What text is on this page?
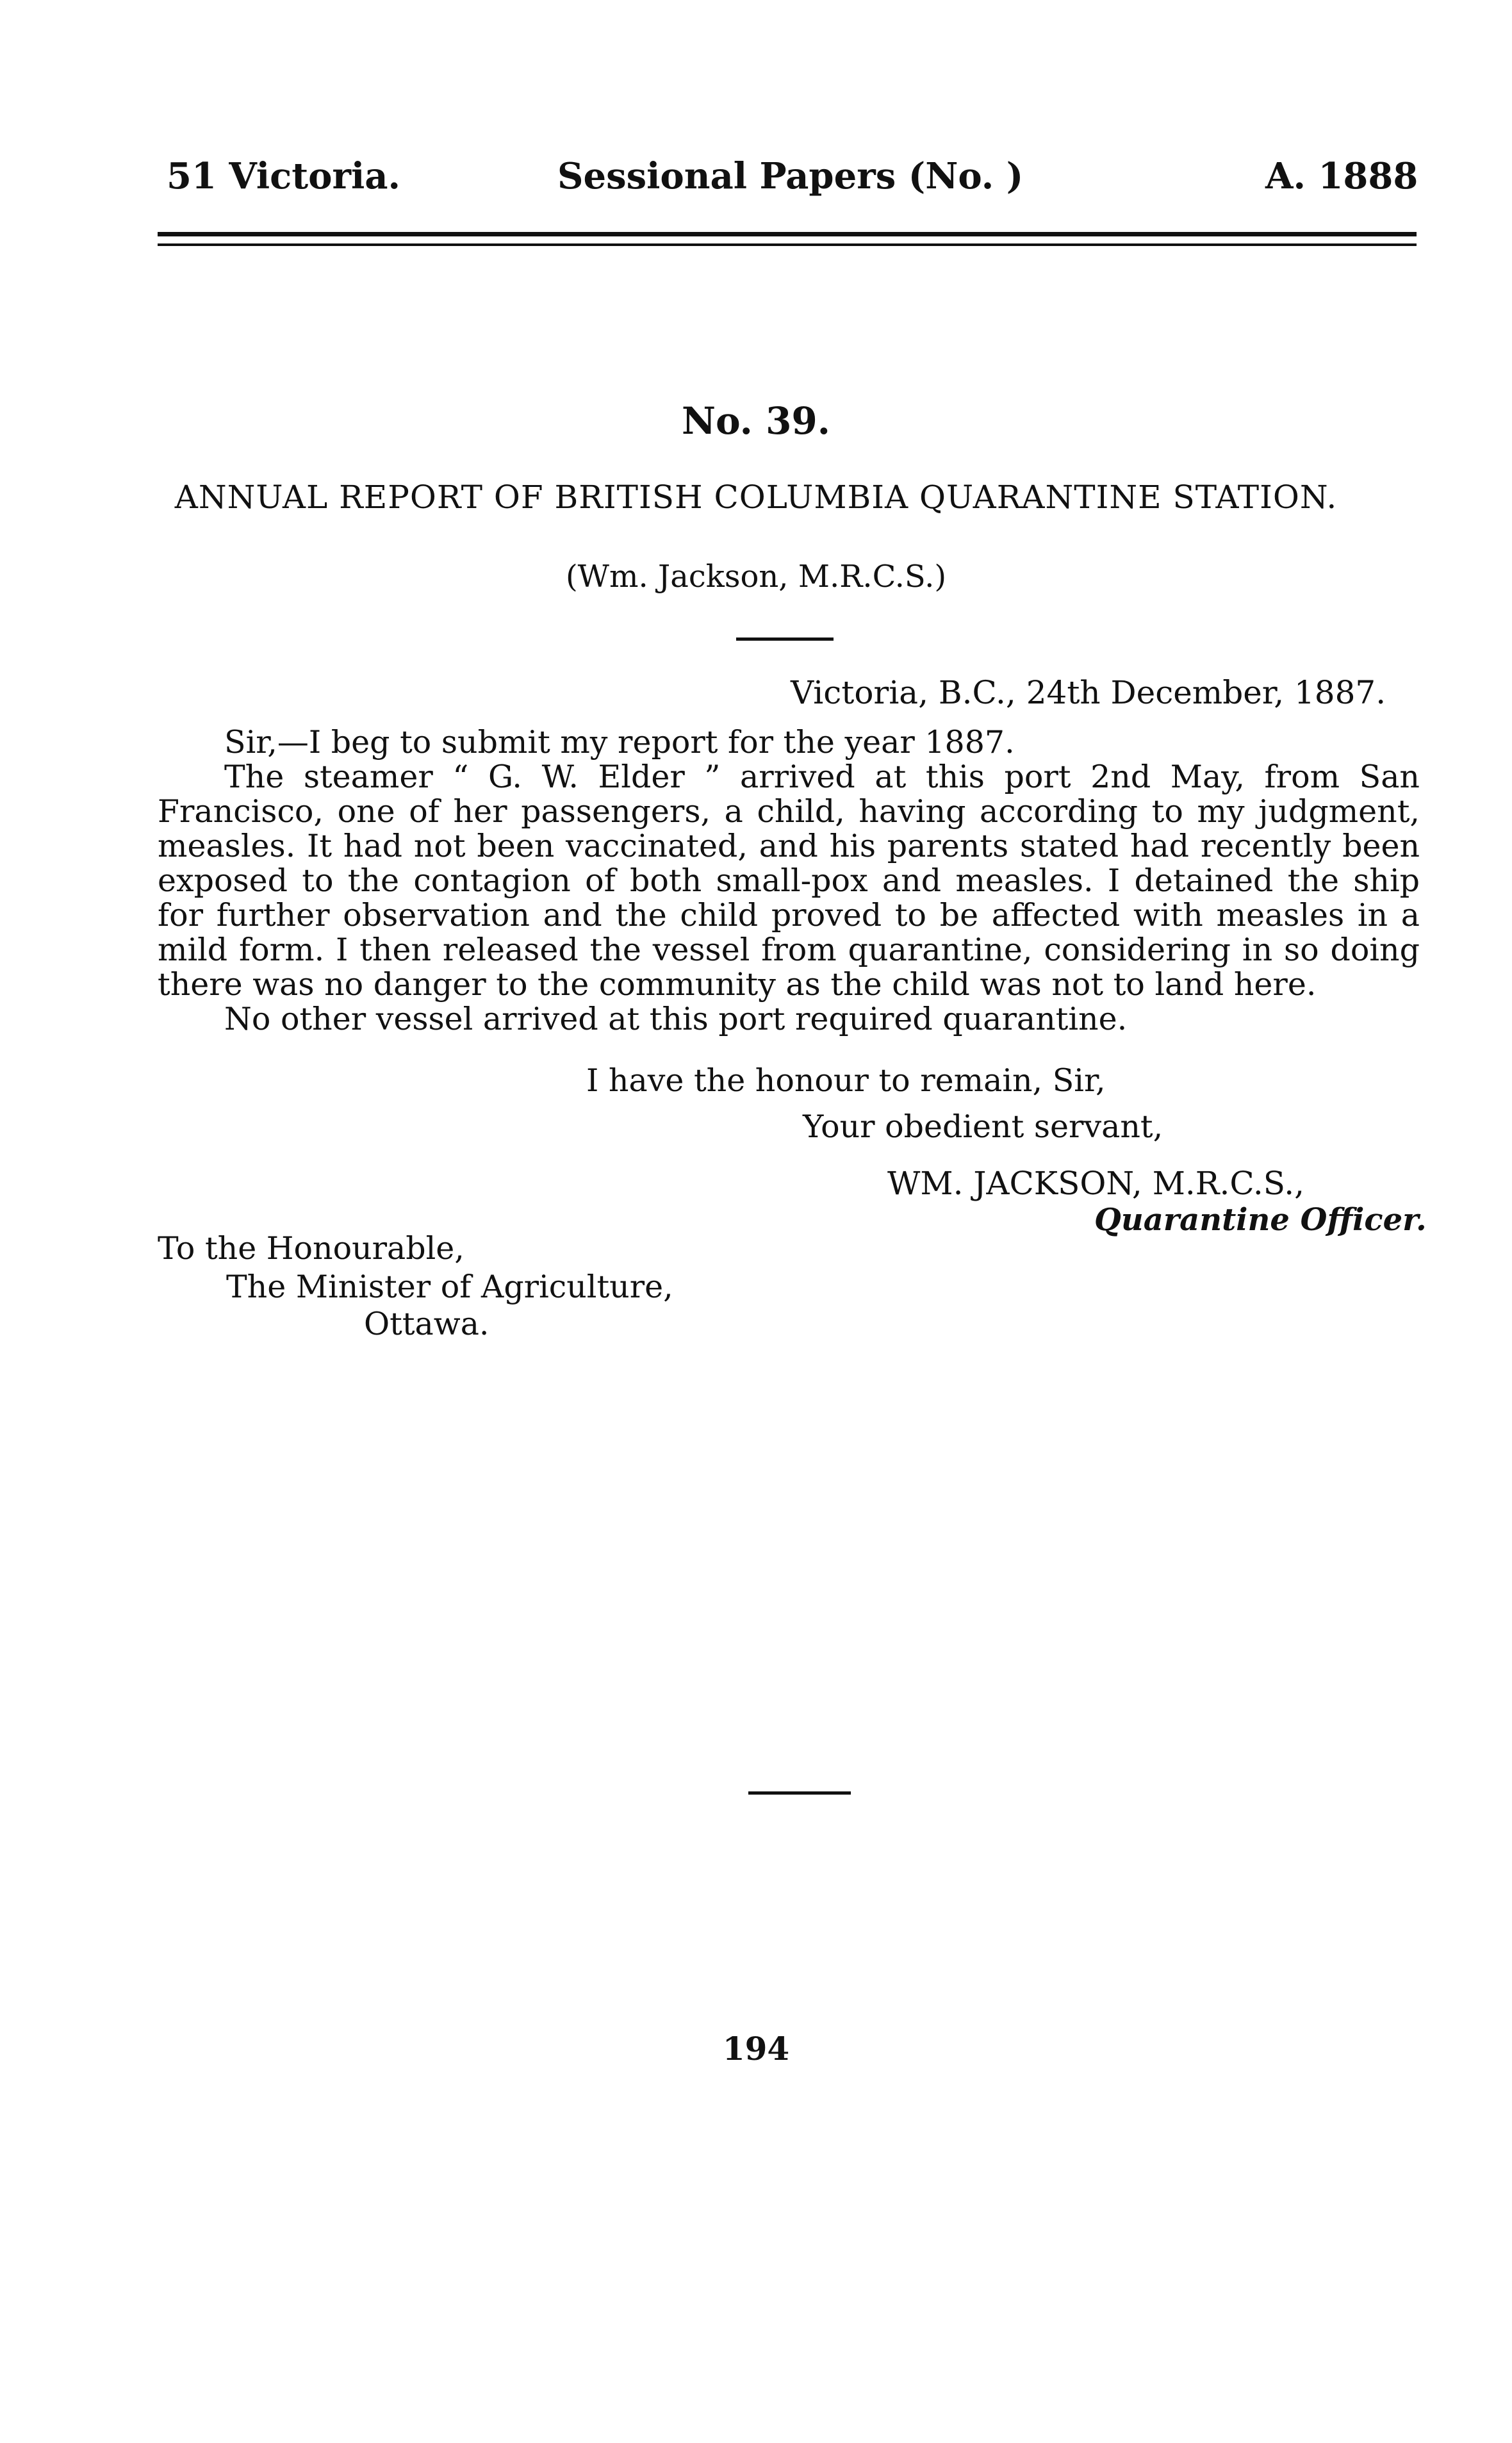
51 Victoria.	Sessional Papers (No. )	A. 1888
No. 39.
ANNUAL REPORT OF BRITISH COLUMBIA QUARANTINE STATION.
(Wm. Jackson, M.R.C.S.)
Victoria, B.C., 24th December, 1887.
Sir,—I beg to submit my report for the year 1887.
The steamer “ G. W. Elder ” arrived at this port 2nd May, from San Francisco, one of her passengers, a child, having according to my judgment, measles. It had not been vaccinated, and his parents stated had recently been exposed to the contagion of both small-pox and measles. I detained the ship for further observation and the child proved to be affected with measles in a mild form. I then released the vessel from quarantine, considering in so doing there was no danger to the community as the child was not to land here.
No other vessel arrived at this port required quarantine.
I have the honour to remain, Sir,
Your obedient servant,
WM. JACKSON, M.R.C.S.,
Quarantine Officer.
To the Honourable,
The Minister of Agriculture,
Ottawa.
194
